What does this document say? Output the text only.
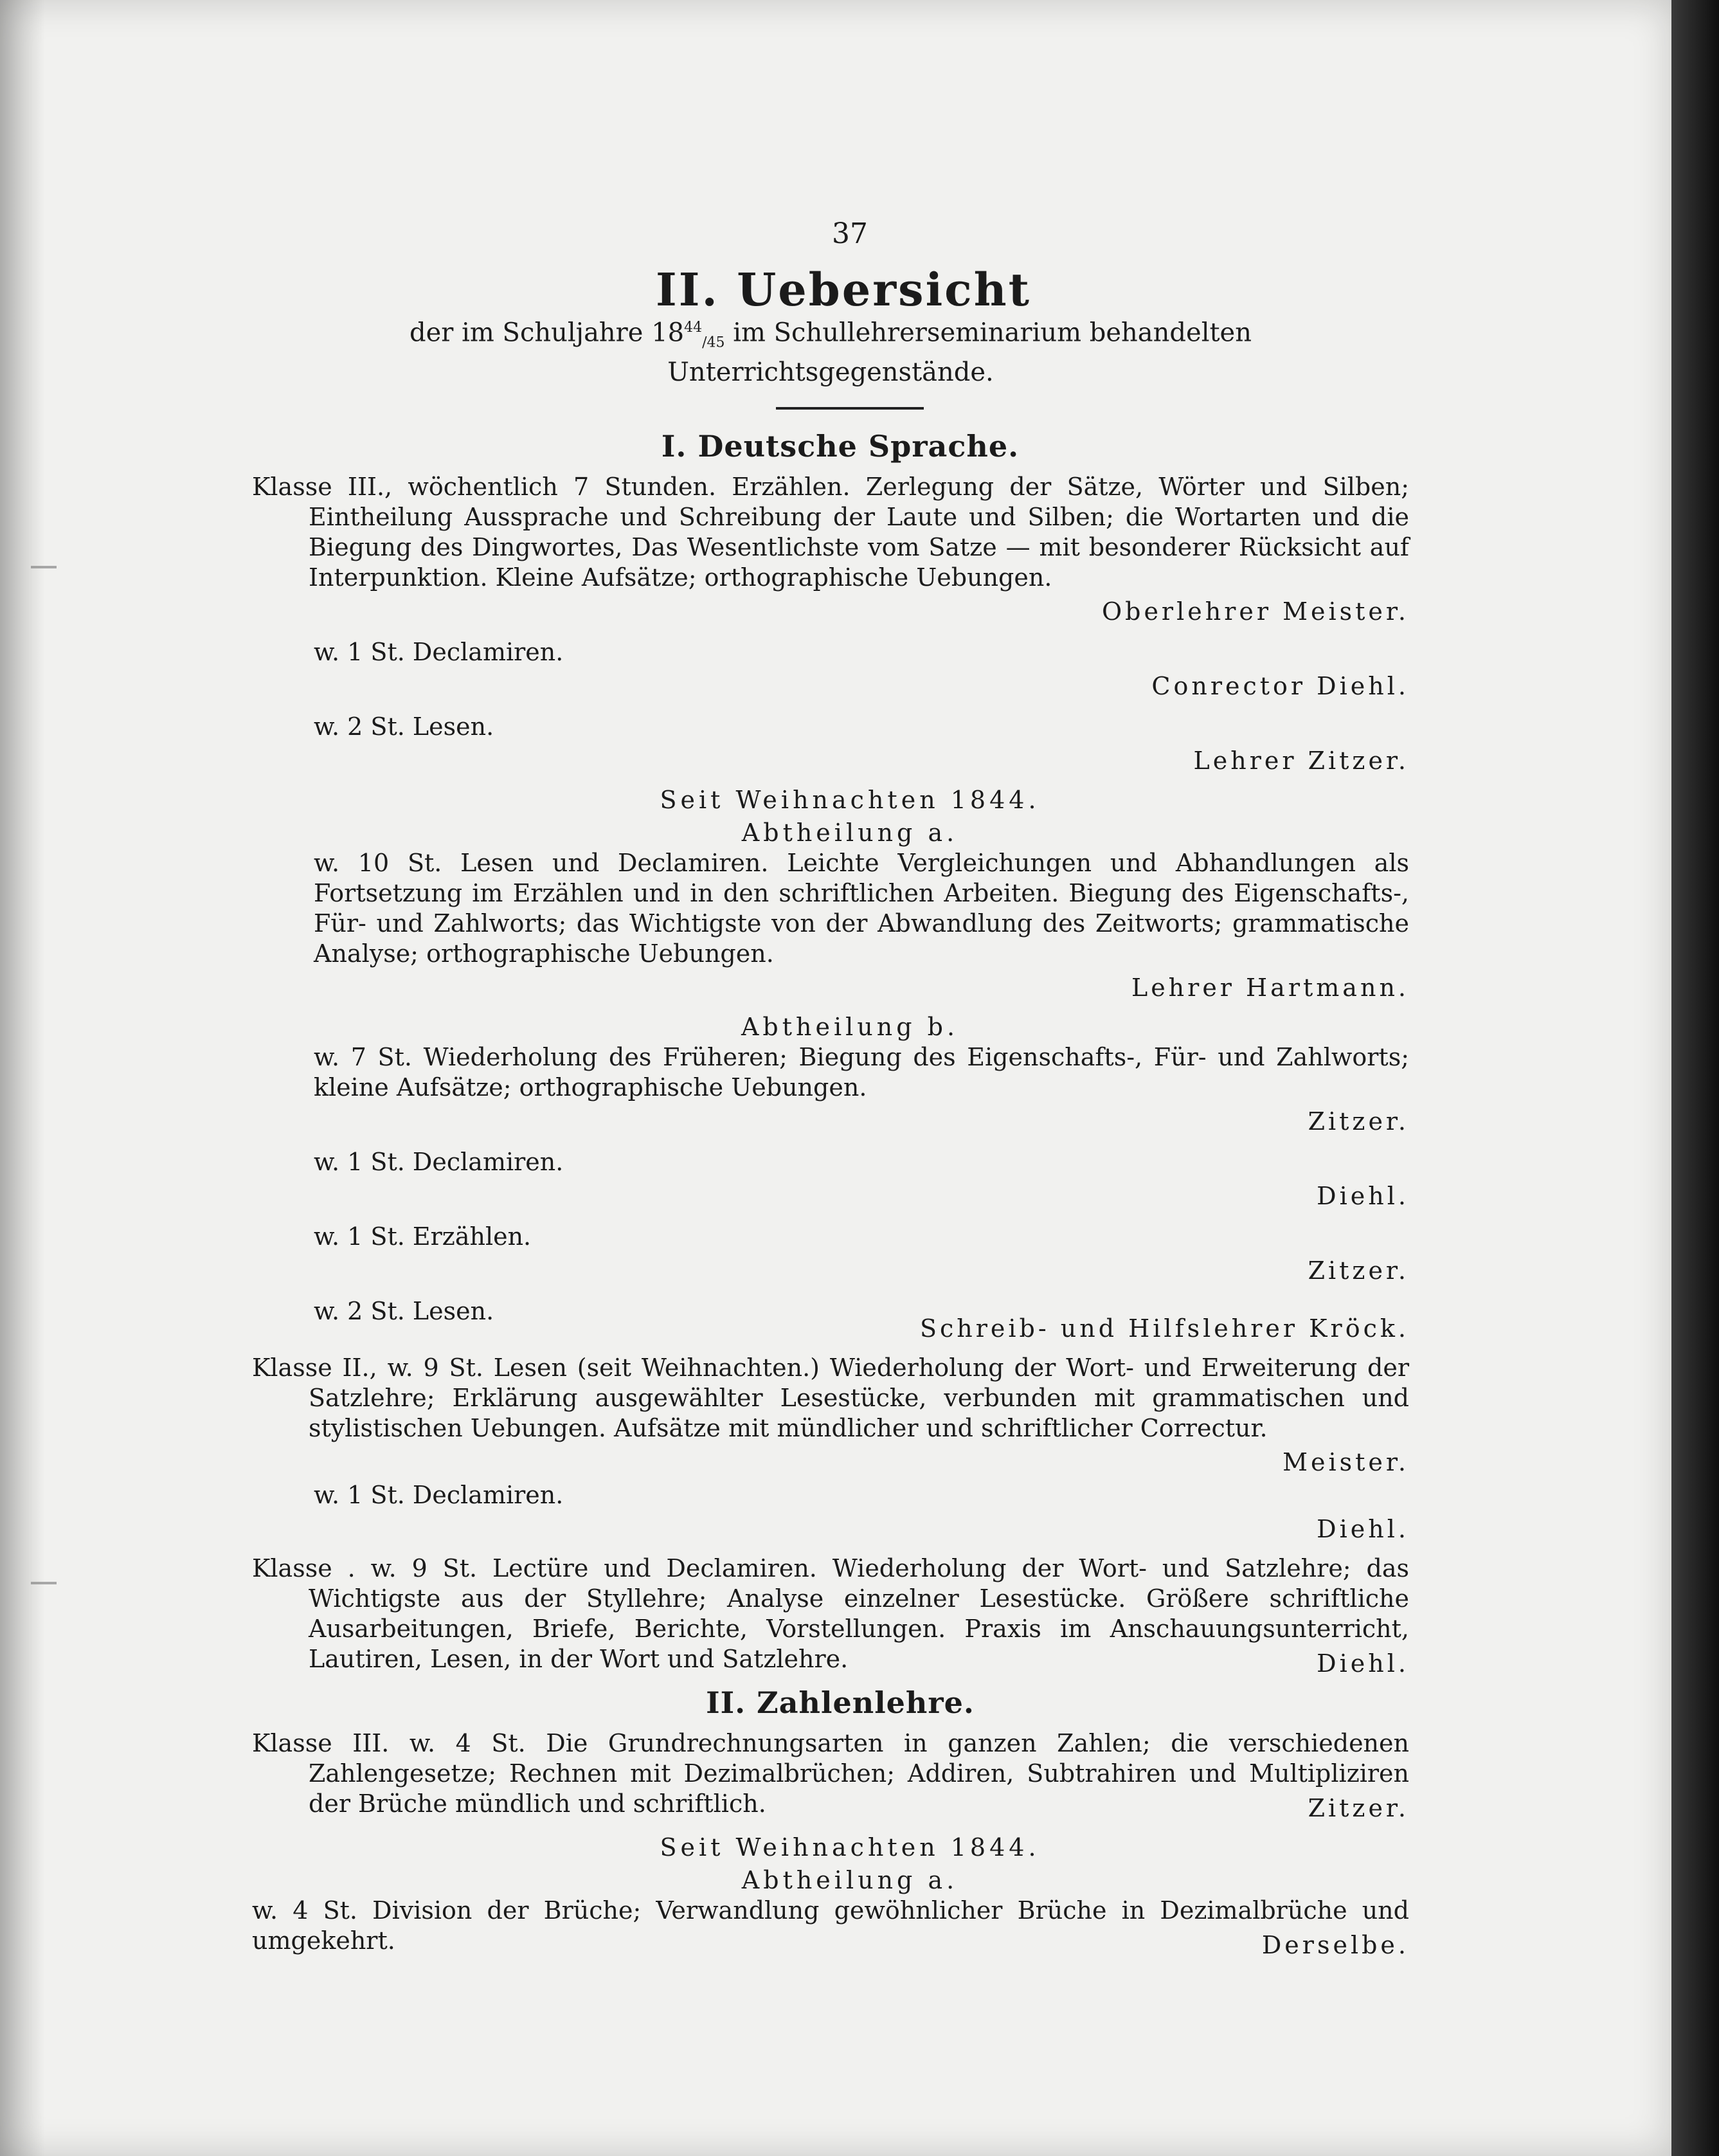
37
II. Uebersicht
der im Schuljahre $18^{44}_{/45}$ im Schullehrerseminarium behandelten Unterrichtsgegenstände.
I. Deutsche Sprache.

Klasse III., wöchentlich 7 Stunden. Erzählen. Zerlegung der Sätze, Wörter und Silben; Eintheilung Aussprache und Schreibung der Laute und Silben; die Wortarten und die Biegung des Dingwortes, Das Wesentlichste vom Satze — mit besonderer Rücksicht auf Interpunktion. Kleine Aufsätze; orthographische Uebungen.

Oberlehrer Meister.

w. 1 St. Declamiren.

Conrector Diehl.

w. 2 St. Lesen.

Lehrer Zitzer.
Seit Weihnachten 1844.
Abtheilung a.

w. 10 St. Lesen und Declamiren. Leichte Vergleichungen und Abhandlungen als Fortsetzung im Erzählen und in den schriftlichen Arbeiten. Biegung des Eigenschafts-, Für- und Zahlworts; das Wichtigste von der Abwandlung des Zeitworts; grammatische Analyse; orthographische Uebungen.

Lehrer Hartmann.
Abtheilung b.

w. 7 St. Wiederholung des Früheren; Biegung des Eigenschafts-, Für- und Zahlworts; kleine Aufsätze; orthographische Uebungen.

Zitzer.

w. 1 St. Declamiren.

Diehl.

w. 1 St. Erzählen.

Zitzer.

w. 2 St. Lesen.

Schreib- und Hilfslehrer Kröck.

Klasse II., w. 9 St. Lesen (seit Weihnachten.) Wiederholung der Wort- und Erweiterung der Satzlehre; Erklärung ausgewählter Lesestücke, verbunden mit grammatischen und stylistischen Uebungen. Aufsätze mit mündlicher und schriftlicher Correctur.

Meister.

w. 1 St. Declamiren.

Diehl.

Klasse . w. 9 St. Lectüre und Declamiren. Wiederholung der Wort- und Satzlehre; das Wichtigste aus der Styllehre; Analyse einzelner Lesestücke. Größere schriftliche Ausarbeitungen, Briefe, Berichte, Vorstellungen. Praxis im Anschauungsunterricht, Lautiren, Lesen, in der Wort und Satzlehre.	Diehl.
II. Zahlenlehre.

Klasse III. w. 4 St. Die Grundrechnungsarten in ganzen Zahlen; die verschiedenen Zahlengesetze; Rechnen mit Dezimalbrüchen; Addiren, Subtrahiren und Multipliziren der Brüche mündlich und schriftlich.	Zitzer.
Seit Weihnachten 1844.
Abtheilung a.

w. 4 St. Division der Brüche; Verwandlung gewöhnlicher Brüche in Dezimalbrüche und umgekehrt.	Derselbe.
